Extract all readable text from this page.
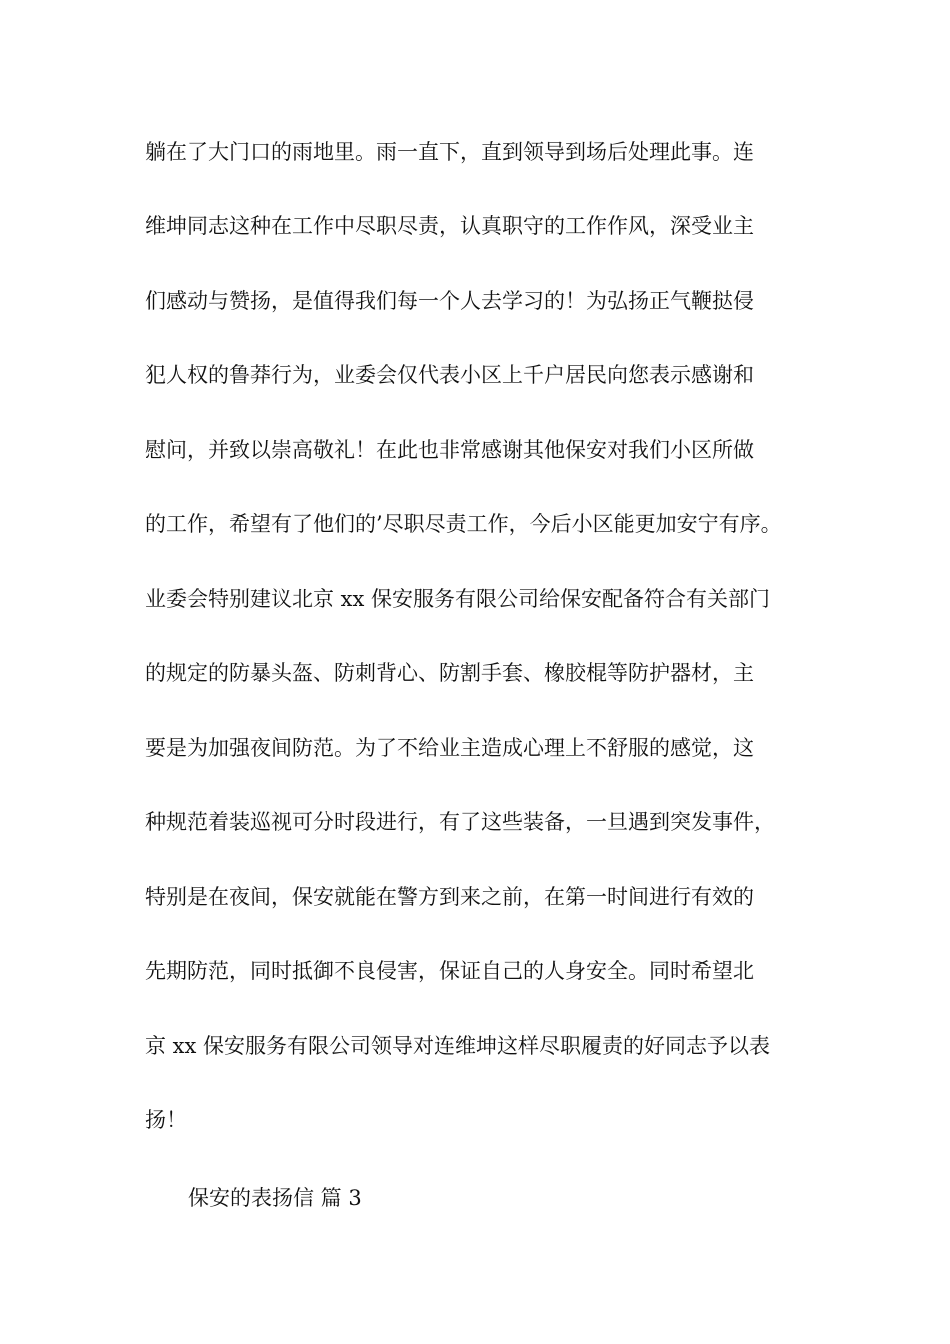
躺在了大门口的雨地里。雨一直下，直到领导到场后处理此事。连
维坤同志这种在工作中尽职尽责，认真职守的工作作风，深受业主
们感动与赞扬，是值得我们每一个人去学习的！为弘扬正气鞭挞侵
犯人权的鲁莽行为，业委会仅代表小区上千户居民向您表示感谢和
慰问，并致以崇高敬礼！在此也非常感谢其他保安对我们小区所做
的工作，希望有了他们的’尽职尽责工作，今后小区能更加安宁有序。
业委会特别建议北京 xx 保安服务有限公司给保安配备符合有关部门
的规定的防暴头盔、防刺背心、防割手套、橡胶棍等防护器材，主
要是为加强夜间防范。为了不给业主造成心理上不舒服的感觉，这
种规范着装巡视可分时段进行，有了这些装备，一旦遇到突发事件，
特别是在夜间，保安就能在警方到来之前，在第一时间进行有效的
先期防范，同时抵御不良侵害，保证自己的人身安全。同时希望北
京 xx 保安服务有限公司领导对连维坤这样尽职履责的好同志予以表
扬！
保安的表扬信 篇 3
